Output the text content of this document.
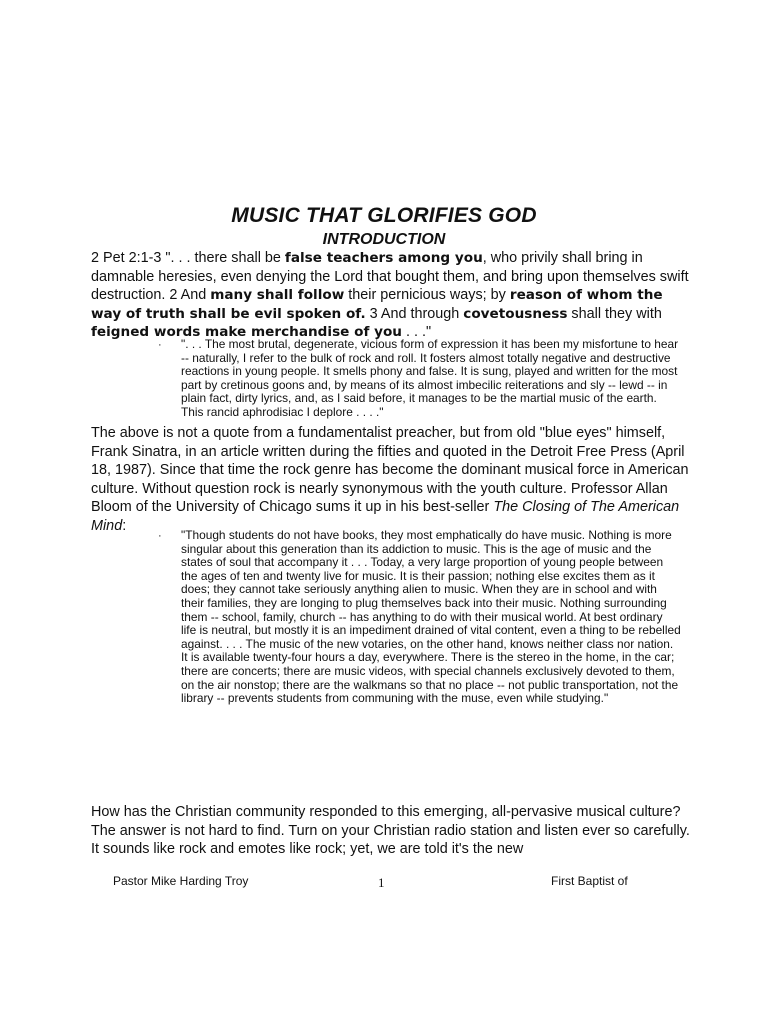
MUSIC THAT GLORIFIES GOD
INTRODUCTION

2 Pet 2:1-3 ". . . there shall be false teachers among you, who privily shall bring in damnable heresies, even denying the Lord that bought them, and bring upon themselves swift destruction. 2 And many shall follow their pernicious ways; by reason of whom the way of truth shall be evil spoken of. 3 And through covetousness shall they with feigned words make merchandise of you . . ."

· ". . . The most brutal, degenerate, vicious form of expression it has been my misfortune to hear -- naturally, I refer to the bulk of rock and roll. It fosters almost totally negative and destructive reactions in young people. It smells phony and false. It is sung, played and written for the most part by cretinous goons and, by means of its almost imbecilic reiterations and sly -- lewd -- in plain fact, dirty lyrics, and, as I said before, it manages to be the martial music of the earth. This rancid aphrodisiac I deplore . . . ."

The above is not a quote from a fundamentalist preacher, but from old "blue eyes" himself, Frank Sinatra, in an article written during the fifties and quoted in the Detroit Free Press (April 18, 1987). Since that time the rock genre has become the dominant musical force in American culture. Without question rock is nearly synonymous with the youth culture. Professor Allan Bloom of the University of Chicago sums it up in his best-seller The Closing of The American Mind:

· "Though students do not have books, they most emphatically do have music. Nothing is more singular about this generation than its addiction to music. This is the age of music and the states of soul that accompany it . . . Today, a very large proportion of young people between the ages of ten and twenty live for music. It is their passion; nothing else excites them as it does; they cannot take seriously anything alien to music. When they are in school and with their families, they are longing to plug themselves back into their music. Nothing surrounding them -- school, family, church -- has anything to do with their musical world. At best ordinary life is neutral, but mostly it is an impediment drained of vital content, even a thing to be rebelled against. . . . The music of the new votaries, on the other hand, knows neither class nor nation. It is available twenty-four hours a day, everywhere. There is the stereo in the home, in the car; there are concerts; there are music videos, with special channels exclusively devoted to them, on the air nonstop; there are the walkmans so that no place -- not public transportation, not the library -- prevents students from communing with the muse, even while studying."

How has the Christian community responded to this emerging, all-pervasive musical culture? The answer is not hard to find. Turn on your Christian radio station and listen ever so carefully. It sounds like rock and emotes like rock; yet, we are told it's the new

Pastor Mike Harding Troy	1	First Baptist of
